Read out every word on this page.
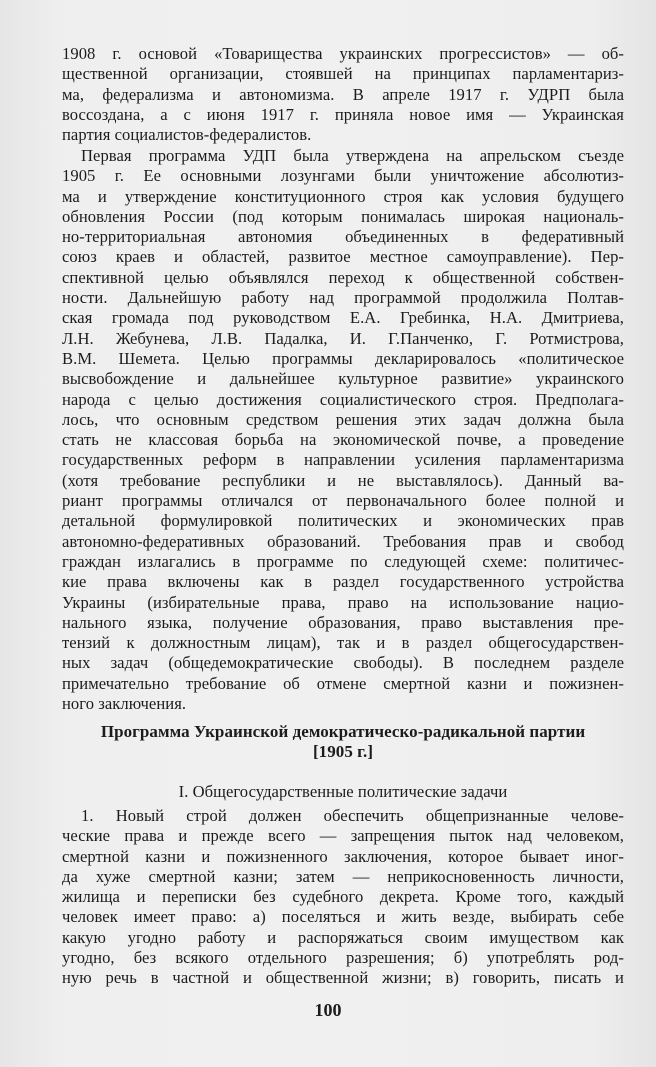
1908 г. основой «Товарищества украинских прогрессистов» — об-
щественной организации, стоявшей на принципах парламентариз-
ма, федерализма и автономизма. В апреле 1917 г. УДРП была
воссоздана, а с июня 1917 г. приняла новое имя — Украинская
партия социалистов-федералистов.
Первая программа УДП была утверждена на апрельском съезде
1905 г. Ее основными лозунгами были уничтожение абсолютиз-
ма и утверждение конституционного строя как условия будущего
обновления России (под которым понималась широкая националь-
но-территориальная автономия объединенных в федеративный
союз краев и областей, развитое местное самоуправление). Пер-
спективной целью объявлялся переход к общественной собствен-
ности. Дальнейшую работу над программой продолжила Полтав-
ская громада под руководством Е.А. Гребинка, Н.А. Дмитриева,
Л.Н. Жебунева, Л.В. Падалка, И. Г.Панченко, Г. Ротмистрова,
В.М. Шемета. Целью программы декларировалось «политическое
высвобождение и дальнейшее культурное развитие» украинского
народа с целью достижения социалистического строя. Предполага-
лось, что основным средством решения этих задач должна была
стать не классовая борьба на экономической почве, а проведение
государственных реформ в направлении усиления парламентаризма
(хотя требование республики и не выставлялось). Данный ва-
риант программы отличался от первоначального более полной и
детальной формулировкой политических и экономических прав
автономно-федеративных образований. Требования прав и свобод
граждан излагались в программе по следующей схеме: политичес-
кие права включены как в раздел государственного устройства
Украины (избирательные права, право на использование нацио-
нального языка, получение образования, право выставления пре-
тензий к должностным лицам), так и в раздел общегосударствен-
ных задач (общедемократические свободы). В последнем разделе
примечательно требование об отмене смертной казни и пожизнен-
ного заключения.
Программа Украинской демократическо-радикальной партии
[1905 г.]
I. Общегосударственные политические задачи
1. Новый строй должен обеспечить общепризнанные челове-
ческие права и прежде всего — запрещения пыток над человеком,
смертной казни и пожизненного заключения, которое бывает иног-
да хуже смертной казни; затем — неприкосновенность личности,
жилища и переписки без судебного декрета. Кроме того, каждый
человек имеет право: а) поселяться и жить везде, выбирать себе
какую угодно работу и распоряжаться своим имуществом как
угодно, без всякого отдельного разрешения; б) употреблять род-
ную речь в частной и общественной жизни; в) говорить, писать и
100
